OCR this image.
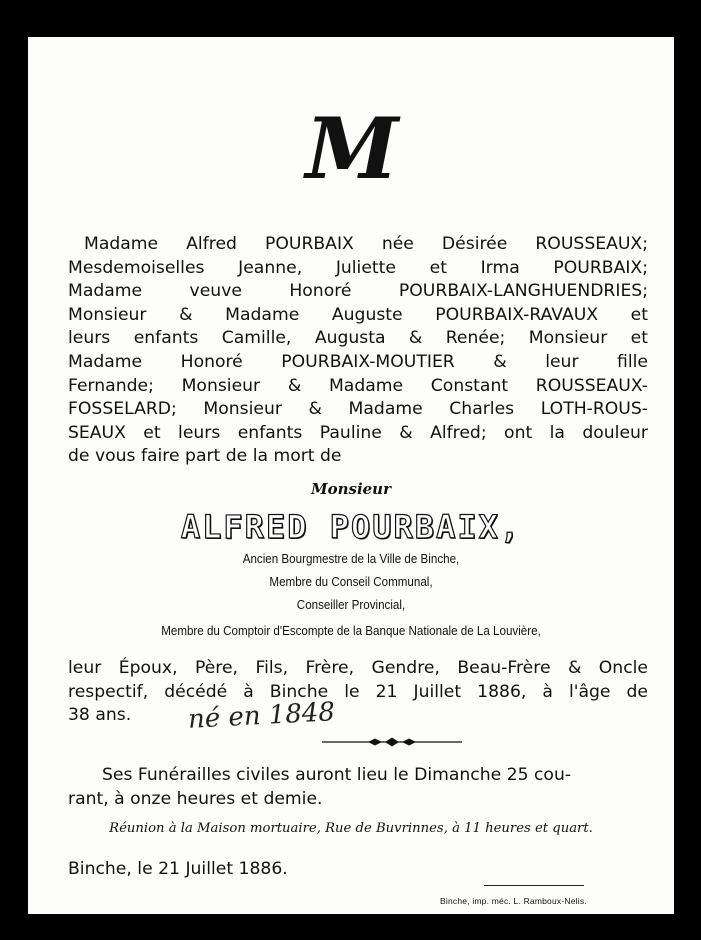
M
Madame Alfred POURBAIX née Désirée ROUSSEAUX;
Mesdemoiselles Jeanne, Juliette et Irma POURBAIX;
Madame veuve Honoré POURBAIX-LANGHUENDRIES;
Monsieur & Madame Auguste POURBAIX-RAVAUX et
leurs enfants Camille, Augusta & Renée; Monsieur et
Madame Honoré POURBAIX-MOUTIER & leur fille
Fernande; Monsieur & Madame Constant ROUSSEAUX-
FOSSELARD; Monsieur & Madame Charles LOTH-ROUS-
SEAUX et leurs enfants Pauline & Alfred; ont la douleur
de vous faire part de la mort de
Monsieur
ALFRED POURBAIX,
Ancien Bourgmestre de la Ville de Binche,
Membre du Conseil Communal,
Conseiller Provincial,
Membre du Comptoir d'Escompte de la Banque Nationale de La Louvière,
leur Époux, Père, Fils, Frère, Gendre, Beau-Frère & Oncle
respectif, décédé à Binche le 21 Juillet 1886, à l'âge de
38 ans.	né en 1848
Ses Funérailles civiles auront lieu le Dimanche 25 cou-
rant, à onze heures et demie.
Réunion à la Maison mortuaire, Rue de Buvrinnes, à 11 heures et quart.
Binche, le 21 Juillet 1886.
Binche, imp. méc. L. Ramboux-Nelis.
